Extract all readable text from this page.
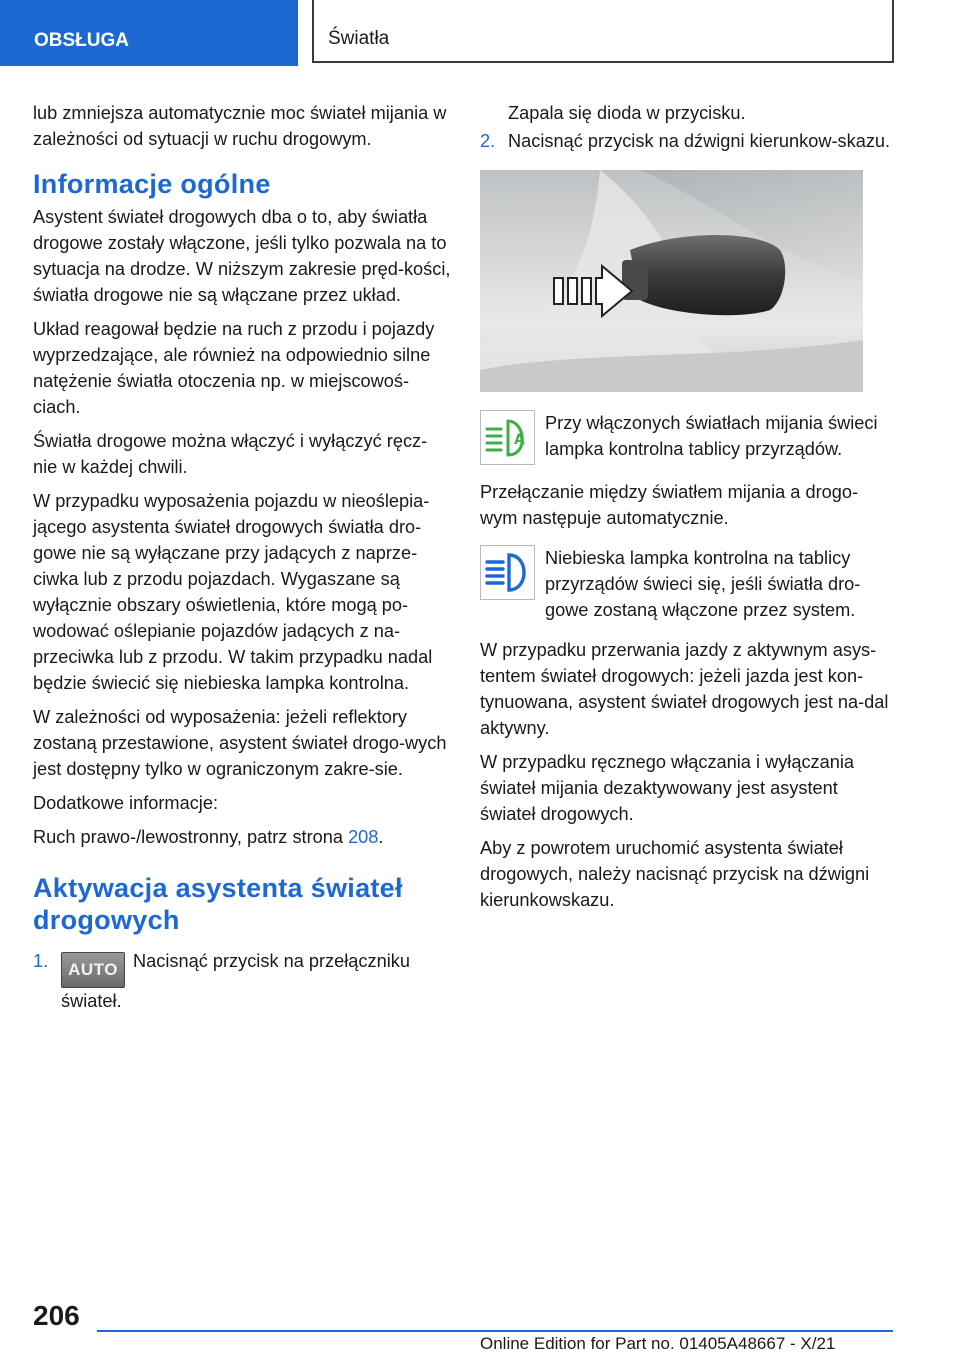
OBSŁUGA	Światła

lub zmniejsza automatycznie moc świateł mijania w zależności od sytuacji w ruchu drogowym.

Informacje ogólne

Asystent świateł drogowych dba o to, aby światła drogowe zostały włączone, jeśli tylko pozwala na to sytuacja na drodze. W niższym zakresie pręd-kości, światła drogowe nie są włączane przez układ.

Układ reagował będzie na ruch z przodu i pojazdy wyprzedzające, ale również na odpowiednio silne natężenie światła otoczenia np. w miejscowoś-ciach.

Światła drogowe można włączyć i wyłączyć ręcz-nie w każdej chwili.

W przypadku wyposażenia pojazdu w nieoślepia-jącego asystenta świateł drogowych światła dro-gowe nie są wyłączane przy jadących z naprze-ciwka lub z przodu pojazdach. Wygaszane są wyłącznie obszary oświetlenia, które mogą po-wodować oślepianie pojazdów jadących z na-przeciwka lub z przodu. W takim przypadku nadal będzie świecić się niebieska lampka kontrolna.

W zależności od wyposażenia: jeżeli reflektory zostaną przestawione, asystent świateł drogo-wych jest dostępny tylko w ograniczonym zakre-sie.

Dodatkowe informacje:

Ruch prawo-/lewostronny, patrz strona 208.

Aktywacja asystenta świateł drogowych
1. AUTO Nacisnąć przycisk na przełączniku świateł.
Zapala się dioda w przycisku.
2. Nacisnąć przycisk na dźwigni kierunkow-skazu.
A
Przy włączonych światłach mijania świeci lampka kontrolna tablicy przyrządów.

Przełączanie między światłem mijania a drogo-wym następuje automatycznie.

Niebieska lampka kontrolna na tablicy przyrządów świeci się, jeśli światła dro-gowe zostaną włączone przez system.

W przypadku przerwania jazdy z aktywnym asys-tentem świateł drogowych: jeżeli jazda jest kon-tynuowana, asystent świateł drogowych jest na-dal aktywny.

W przypadku ręcznego włączania i wyłączania świateł mijania dezaktywowany jest asystent świateł drogowych.

Aby z powrotem uruchomić asystenta świateł drogowych, należy nacisnąć przycisk na dźwigni kierunkowskazu.

206
Online Edition for Part no. 01405A48667 - X/21
